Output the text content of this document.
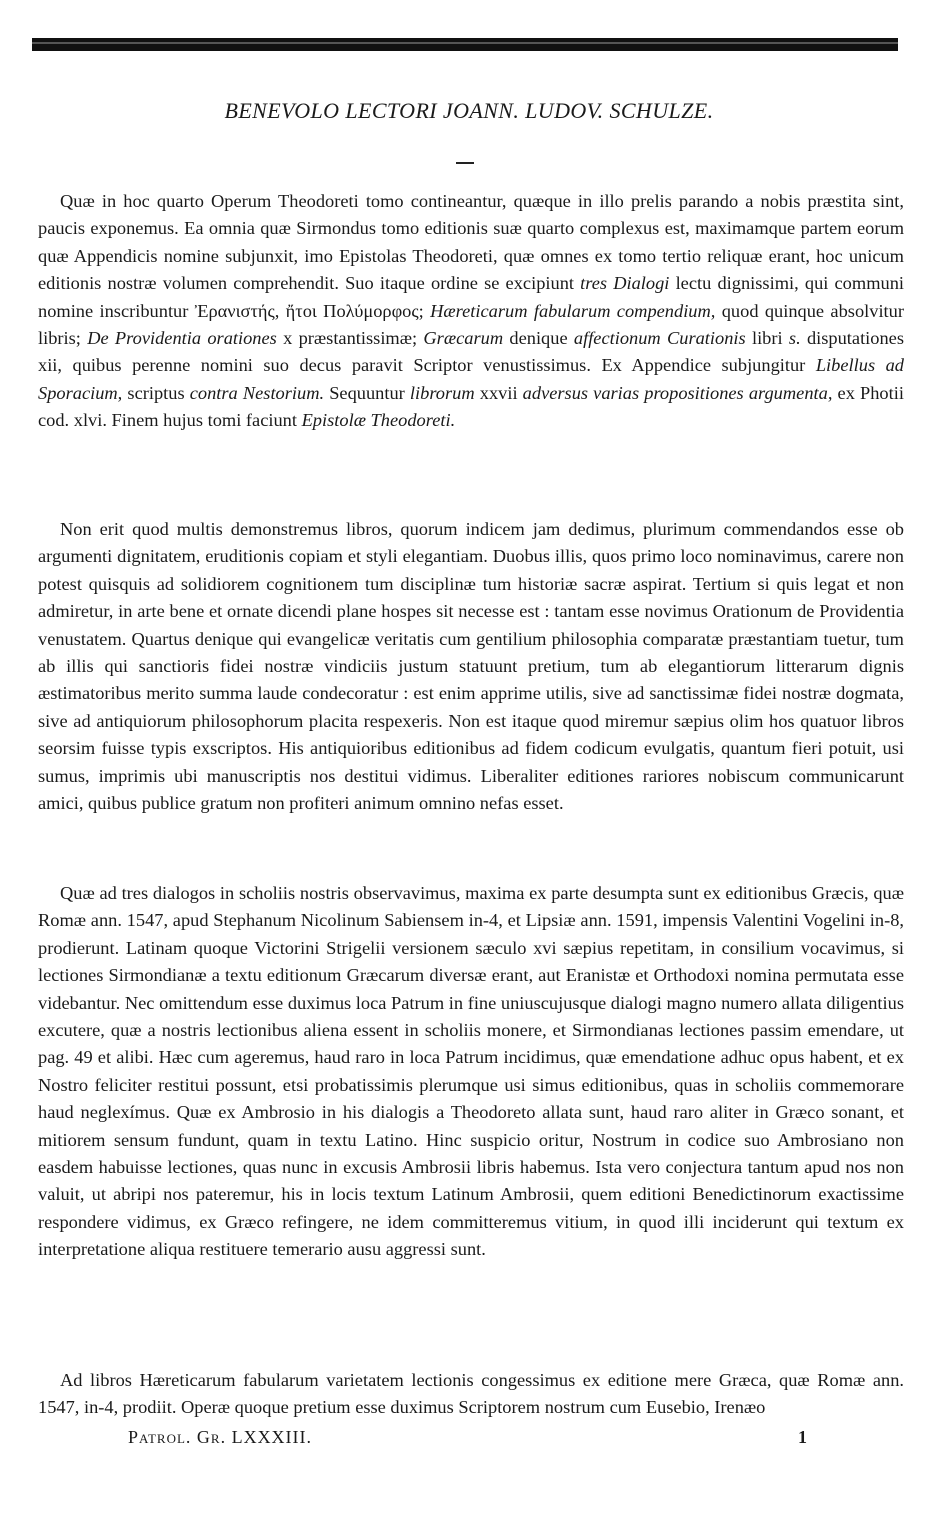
BENEVOLO LECTORI JOANN. LUDOV. SCHULZE.
Quæ in hoc quarto Operum Theodoreti tomo contineantur, quæque in illo prelis parando a nobis præstita sint, paucis exponemus. Ea omnia quæ Sirmondus tomo editionis suæ quarto complexus est, maximamque partem eorum quæ Appendicis nomine subjunxit, imo Epistolas Theodoreti, quæ omnes ex tomo tertio reliquæ erant, hoc unicum editionis nostræ volumen comprehendit. Suo itaque ordine se excipiunt tres Dialogi lectu dignissimi, qui communi nomine inscribuntur Ἐρανιστής, ἤτοι Πολύμορφος; Hæreticarum fabularum compendium, quod quinque absolvitur libris; De Providentia orationes x præstantissimæ; Græcarum denique affectionum Curationis libri s. disputationes xii, quibus perenne nomini suo decus paravit Scriptor venustissimus. Ex Appendice subjungitur Libellus ad Sporacium, scriptus contra Nestorium. Sequuntur librorum xxvii adversus varias propositiones argumenta, ex Photii cod. xlvi. Finem hujus tomi faciunt Epistolæ Theodoreti.
Non erit quod multis demonstremus libros, quorum indicem jam dedimus, plurimum commendandos esse ob argumenti dignitatem, eruditionis copiam et styli elegantiam. Duobus illis, quos primo loco nominavimus, carere non potest quisquis ad solidiorem cognitionem tum disciplinæ tum historiæ sacræ aspirat. Tertium si quis legat et non admiretur, in arte bene et ornate dicendi plane hospes sit necesse est : tantam esse novimus Orationum de Providentia venustatem. Quartus denique qui evangelicæ veritatis cum gentilium philosophia comparatæ præstantiam tuetur, tum ab illis qui sanctioris fidei nostræ vindiciis justum statuunt pretium, tum ab elegantiorum litterarum dignis æstimatoribus merito summa laude condecoratur : est enim apprime utilis, sive ad sanctissimæ fidei nostræ dogmata, sive ad antiquiorum philosophorum placita respexeris. Non est itaque quod miremur sæpius olim hos quatuor libros seorsim fuisse typis exscriptos. His antiquioribus editionibus ad fidem codicum evulgatis, quantum fieri potuit, usi sumus, imprimis ubi manuscriptis nos destitui vidimus. Liberaliter editiones rariores nobiscum communicarunt amici, quibus publice gratum non profiteri animum omnino nefas esset.
Quæ ad tres dialogos in scholiis nostris observavimus, maxima ex parte desumpta sunt ex editionibus Græcis, quæ Romæ ann. 1547, apud Stephanum Nicolinum Sabiensem in-4, et Lipsiæ ann. 1591, impensis Valentini Vogelini in-8, prodierunt. Latinam quoque Victorini Strigelii versionem sæculo xvi sæpius repetitam, in consilium vocavimus, si lectiones Sirmondianæ a textu editionum Græcarum diversæ erant, aut Eranistæ et Orthodoxi nomina permutata esse videbantur. Nec omittendum esse duximus loca Patrum in fine uniuscujusque dialogi magno numero allata diligentius excutere, quæ a nostris lectionibus aliena essent in scholiis monere, et Sirmondianas lectiones passim emendare, ut pag. 49 et alibi. Hæc cum ageremus, haud raro in loca Patrum incidimus, quæ emendatione adhuc opus habent, et ex Nostro feliciter restitui possunt, etsi probatissimis plerumque usi simus editionibus, quas in scholiis commemorare haud neglexímus. Quæ ex Ambrosio in his dialogis a Theodoreto allata sunt, haud raro aliter in Græco sonant, et mitiorem sensum fundunt, quam in textu Latino. Hinc suspicio oritur, Nostrum in codice suo Ambrosiano non easdem habuisse lectiones, quas nunc in excusis Ambrosii libris habemus. Ista vero conjectura tantum apud nos non valuit, ut abripi nos pateremur, his in locis textum Latinum Ambrosii, quem editioni Benedictinorum exactissime respondere vidimus, ex Græco refingere, ne idem committeremus vitium, in quod illi inciderunt qui textum ex interpretatione aliqua restituere temerario ausu aggressi sunt.
Ad libros Hæreticarum fabularum varietatem lectionis congessimus ex editione mere Græca, quæ Romæ ann. 1547, in-4, prodiit. Operæ quoque pretium esse duximus Scriptorem nostrum cum Eusebio, Irenæo
Patrol. Gr. LXXXIII.	1
